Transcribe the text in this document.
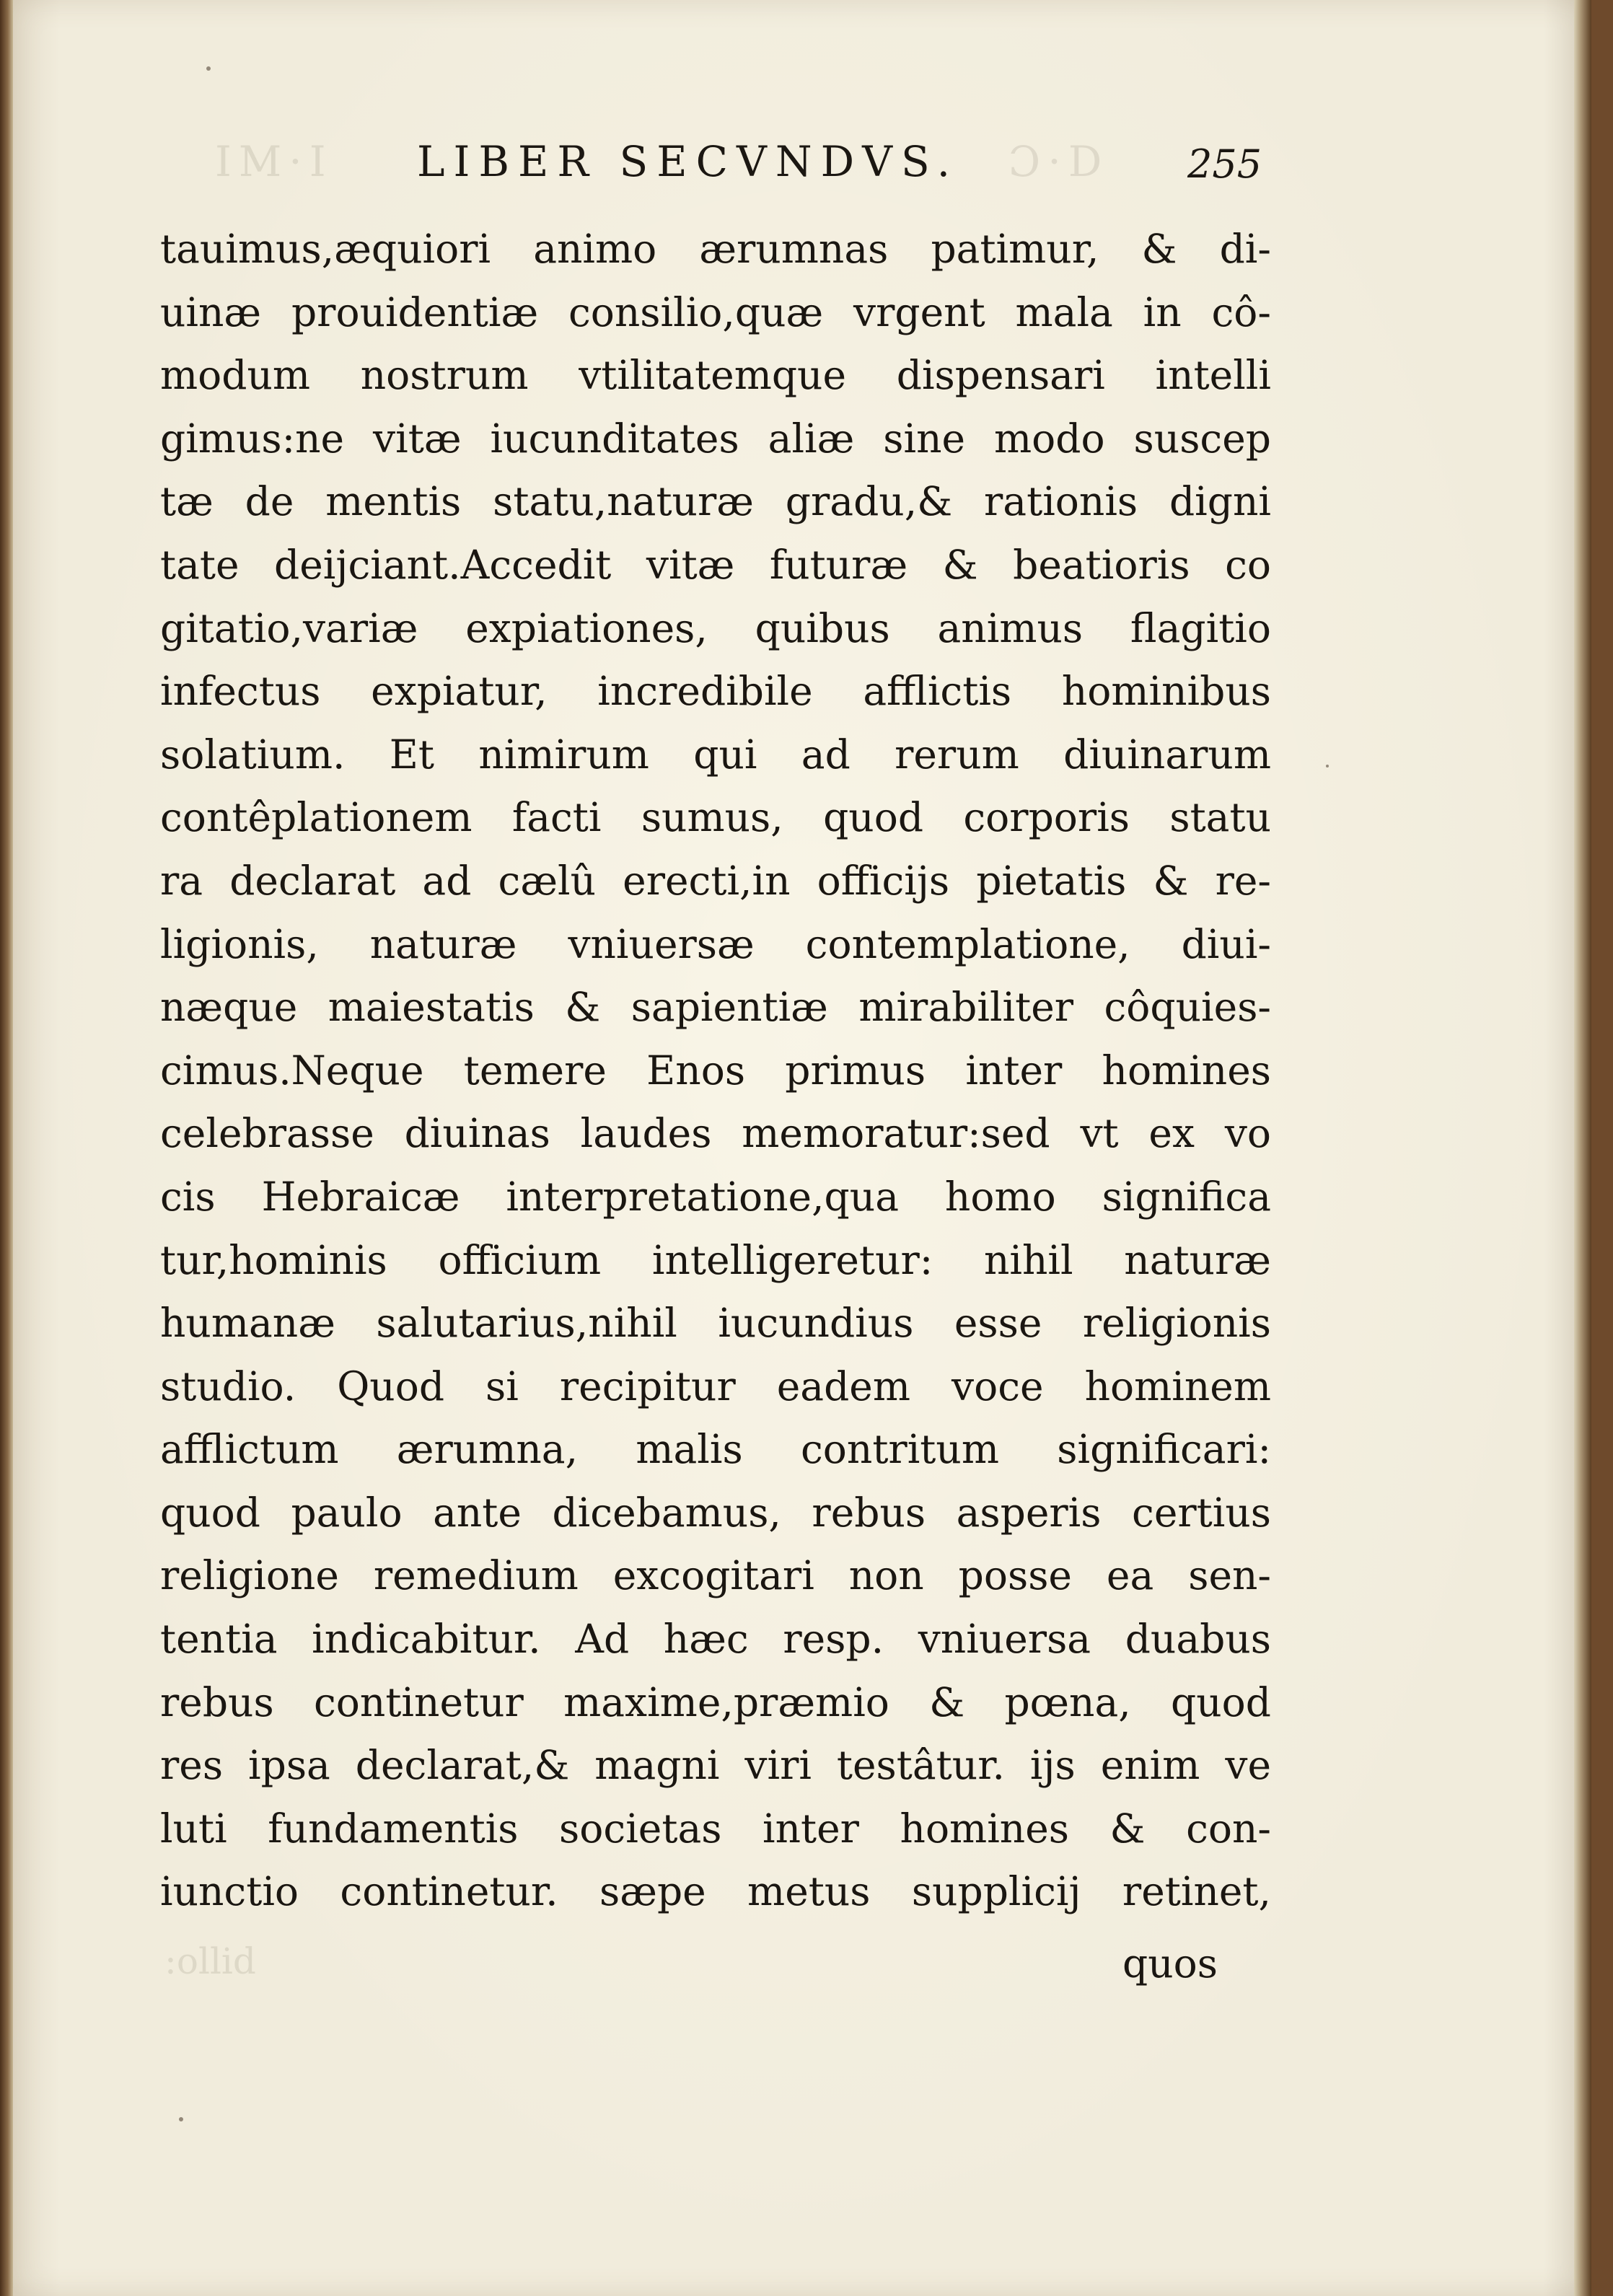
IM·I	Ɔ·D
:ollid
LIBER SECVNDVS.	255
tauimus,æquiori animo ærumnas patimur, & di-
uinæ prouidentiæ consilio,quæ vrgent mala in cô-
modum nostrum vtilitatemque dispensari intelli
gimus:ne vitæ iucunditates aliæ sine modo suscep
tæ de mentis statu,naturæ gradu,& rationis digni
tate deijciant.Accedit vitæ futuræ & beatioris co
gitatio,variæ expiationes, quibus animus flagitio
infectus expiatur, incredibile afflictis hominibus
solatium. Et nimirum qui ad rerum diuinarum
contêplationem facti sumus, quod corporis statu
ra declarat ad cælû erecti,in officijs pietatis & re-
ligionis, naturæ vniuersæ contemplatione, diui-
næque maiestatis & sapientiæ mirabiliter côquies-
cimus.Neque temere Enos primus inter homines
celebrasse diuinas laudes memoratur:sed vt ex vo
cis Hebraicæ interpretatione,qua homo significa
tur,hominis officium intelligeretur: nihil naturæ
humanæ salutarius,nihil iucundius esse religionis
studio. Quod si recipitur eadem voce hominem
afflictum ærumna, malis contritum significari:
quod paulo ante dicebamus, rebus asperis certius
religione remedium excogitari non posse ea sen-
tentia indicabitur. Ad hæc resp. vniuersa duabus
rebus continetur maxime,præmio & pœna, quod
res ipsa declarat,& magni viri testâtur. ijs enim ve
luti fundamentis societas inter homines & con-
iunctio continetur. sæpe metus supplicij retinet,
quos
